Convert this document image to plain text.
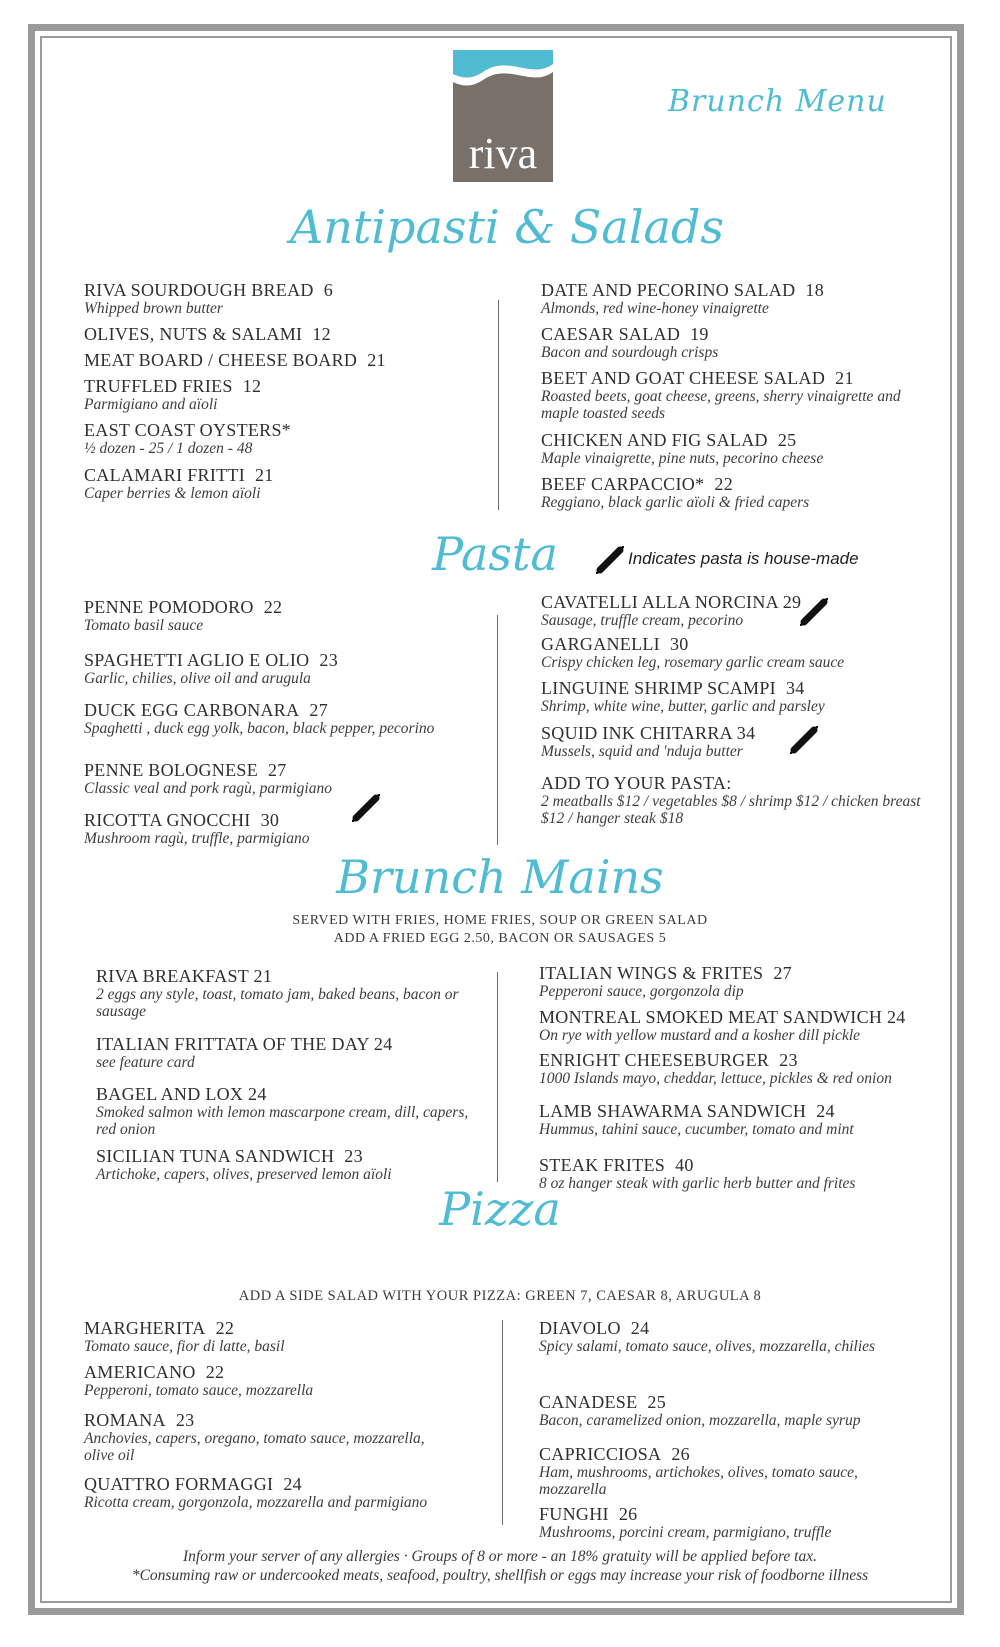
riva
Brunch Menu
Antipasti & Salads
Pasta
Brunch Mains
Pizza
Indicates pasta is house-made
SERVED WITH FRIES, HOME FRIES, SOUP OR GREEN SALAD
ADD A FRIED EGG 2.50, BACON OR SAUSAGES 5
ADD A SIDE SALAD WITH YOUR PIZZA: GREEN 7, CAESAR 8, ARUGULA 8
RIVA SOURDOUGH BREAD 6
Whipped brown butter
OLIVES, NUTS & SALAMI 12
MEAT BOARD / CHEESE BOARD 21
TRUFFLED FRIES 12
Parmigiano and aïoli
EAST COAST OYSTERS*
½ dozen - 25 / 1 dozen - 48
CALAMARI FRITTI 21
Caper berries & lemon aïoli
DATE AND PECORINO SALAD 18
Almonds, red wine-honey vinaigrette
CAESAR SALAD 19
Bacon and sourdough crisps
BEET AND GOAT CHEESE SALAD 21
Roasted beets, goat cheese, greens, sherry vinaigrette and maple toasted seeds
CHICKEN AND FIG SALAD 25
Maple vinaigrette, pine nuts, pecorino cheese
BEEF CARPACCIO* 22
Reggiano, black garlic aïoli & fried capers
PENNE POMODORO 22
Tomato basil sauce
SPAGHETTI AGLIO E OLIO 23
Garlic, chilies, olive oil and arugula
DUCK EGG CARBONARA 27
Spaghetti , duck egg yolk, bacon, black pepper, pecorino
PENNE BOLOGNESE 27
Classic veal and pork ragù, parmigiano
RICOTTA GNOCCHI 30
Mushroom ragù, truffle, parmigiano
CAVATELLI ALLA NORCINA 29
Sausage, truffle cream, pecorino
GARGANELLI 30
Crispy chicken leg, rosemary garlic cream sauce
LINGUINE SHRIMP SCAMPI 34
Shrimp, white wine, butter, garlic and parsley
SQUID INK CHITARRA 34
Mussels, squid and 'nduja butter
ADD TO YOUR PASTA:
2 meatballs $12 / vegetables $8 / shrimp $12 / chicken breast $12 / hanger steak $18
RIVA BREAKFAST 21
2 eggs any style, toast, tomato jam, baked beans, bacon or sausage
ITALIAN FRITTATA OF THE DAY 24
see feature card
BAGEL AND LOX 24
Smoked salmon with lemon mascarpone cream, dill, capers, red onion
SICILIAN TUNA SANDWICH 23
Artichoke, capers, olives, preserved lemon aïoli
ITALIAN WINGS & FRITES 27
Pepperoni sauce, gorgonzola dip
MONTREAL SMOKED MEAT SANDWICH 24
On rye with yellow mustard and a kosher dill pickle
ENRIGHT CHEESEBURGER 23
1000 Islands mayo, cheddar, lettuce, pickles & red onion
LAMB SHAWARMA SANDWICH 24
Hummus, tahini sauce, cucumber, tomato and mint
STEAK FRITES 40
8 oz hanger steak with garlic herb butter and frites
MARGHERITA 22
Tomato sauce, fior di latte, basil
AMERICANO 22
Pepperoni, tomato sauce, mozzarella
ROMANA 23
Anchovies, capers, oregano, tomato sauce, mozzarella, olive oil
QUATTRO FORMAGGI 24
Ricotta cream, gorgonzola, mozzarella and parmigiano
DIAVOLO 24
Spicy salami, tomato sauce, olives, mozzarella, chilies
CANADESE 25
Bacon, caramelized onion, mozzarella, maple syrup
CAPRICCIOSA 26
Ham, mushrooms, artichokes, olives, tomato sauce, mozzarella
FUNGHI 26
Mushrooms, porcini cream, parmigiano, truffle
Inform your server of any allergies · Groups of 8 or more - an 18% gratuity will be applied before tax.
*Consuming raw or undercooked meats, seafood, poultry, shellfish or eggs may increase your risk of foodborne illness
